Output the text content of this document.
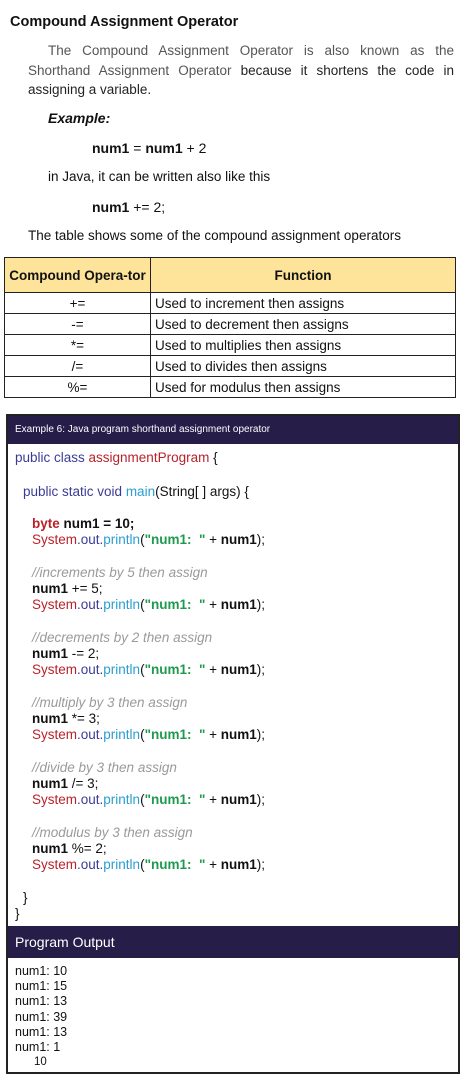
Compound Assignment Operator

The Compound Assignment Operator is also known as the Shorthand Assignment Operator because it shortens the code in assigning a variable.

Example:
num1 = num1 + 2
in Java, it can be written also like this
num1 += 2;
The table shows some of the compound assignment operators
Compound Opera-tor	Function
+=	Used to increment then assigns
-=	Used to decrement then assigns
*=	Used to multiplies then assigns
/=	Used to divides then assigns
%=	Used for modulus then assigns
Example 6: Java program shorthand assignment operator
public class assignmentProgram {
public static void main(String[ ] args) {
byte num1 = 10;
System.out.println("num1:  " + num1);
//increments by 5 then assign
num1 += 5;
System.out.println("num1:  " + num1);
//decrements by 2 then assign
num1 -= 2;
System.out.println("num1:  " + num1);
//multiply by 3 then assign
num1 *= 3;
System.out.println("num1:  " + num1);
//divide by 3 then assign
num1 /= 3;
System.out.println("num1:  " + num1);
//modulus by 3 then assign
num1 %= 2;
System.out.println("num1:  " + num1);
}
}
Program Output
num1: 10
num1: 15
num1: 13
num1: 39
num1: 13
num1: 1
10
